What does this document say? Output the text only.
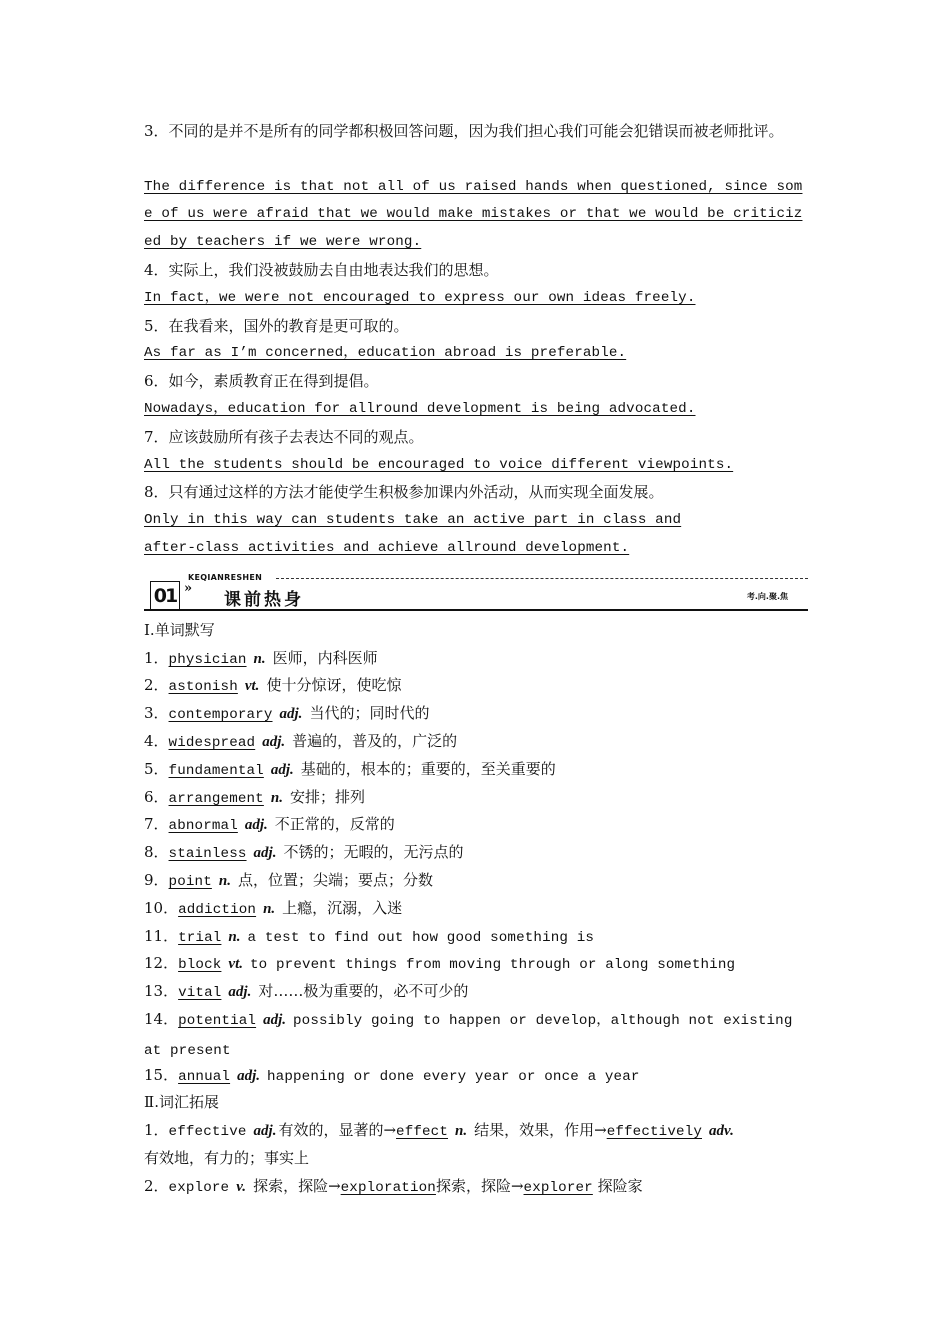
3．不同的是并不是所有的同学都积极回答问题，因为我们担心我们可能会犯错误而被老师批评。
The difference is that not all of us raised hands when questioned, since some of us were afraid that we would make mistakes or that we would be criticized by teachers if we were wrong.
4．实际上，我们没被鼓励去自由地表达我们的思想。
In fact，we were not encouraged to express our own ideas freely.
5．在我看来，国外的教育是更可取的。
As far as I’m concerned，education abroad is preferable.
6．如今，素质教育正在得到提倡。
Nowadays，education for allround development is being advocated.
7．应该鼓励所有孩子去表达不同的观点。
All the students should be encouraged to voice different viewpoints.
8．只有通过这样的方法才能使学生积极参加课内外活动，从而实现全面发展。
Only in this way can students take an active part in class and after-class activities and achieve allround development.
KEQIANRESHEN
01 »
课前热身	考.向.聚.焦
Ⅰ.单词默写
1．physician n. 医师，内科医师
2．astonish vt. 使十分惊讶，使吃惊
3．contemporary adj. 当代的；同时代的
4．widespread adj. 普遍的，普及的，广泛的
5．fundamental adj. 基础的，根本的；重要的，至关重要的
6．arrangement n. 安排；排列
7．abnormal adj. 不正常的，反常的
8．stainless adj. 不锈的；无暇的，无污点的
9．point n. 点，位置；尖端；要点；分数
10．addiction n. 上瘾，沉溺，入迷
11．trial n. a test to find out how good something is
12．block vt. to prevent things from moving through or along something
13．vital adj. 对……极为重要的，必不可少的
14．potential adj. possibly going to happen or develop，although not existing at present
15．annual adj. happening or done every year or once a year
Ⅱ.词汇拓展
1．effective adj. 有效的，显著的→effect n. 结果，效果，作用→effectively adv.
有效地，有力的；事实上
2．explore v. 探索，探险→exploration探索，探险→explorer 探险家
